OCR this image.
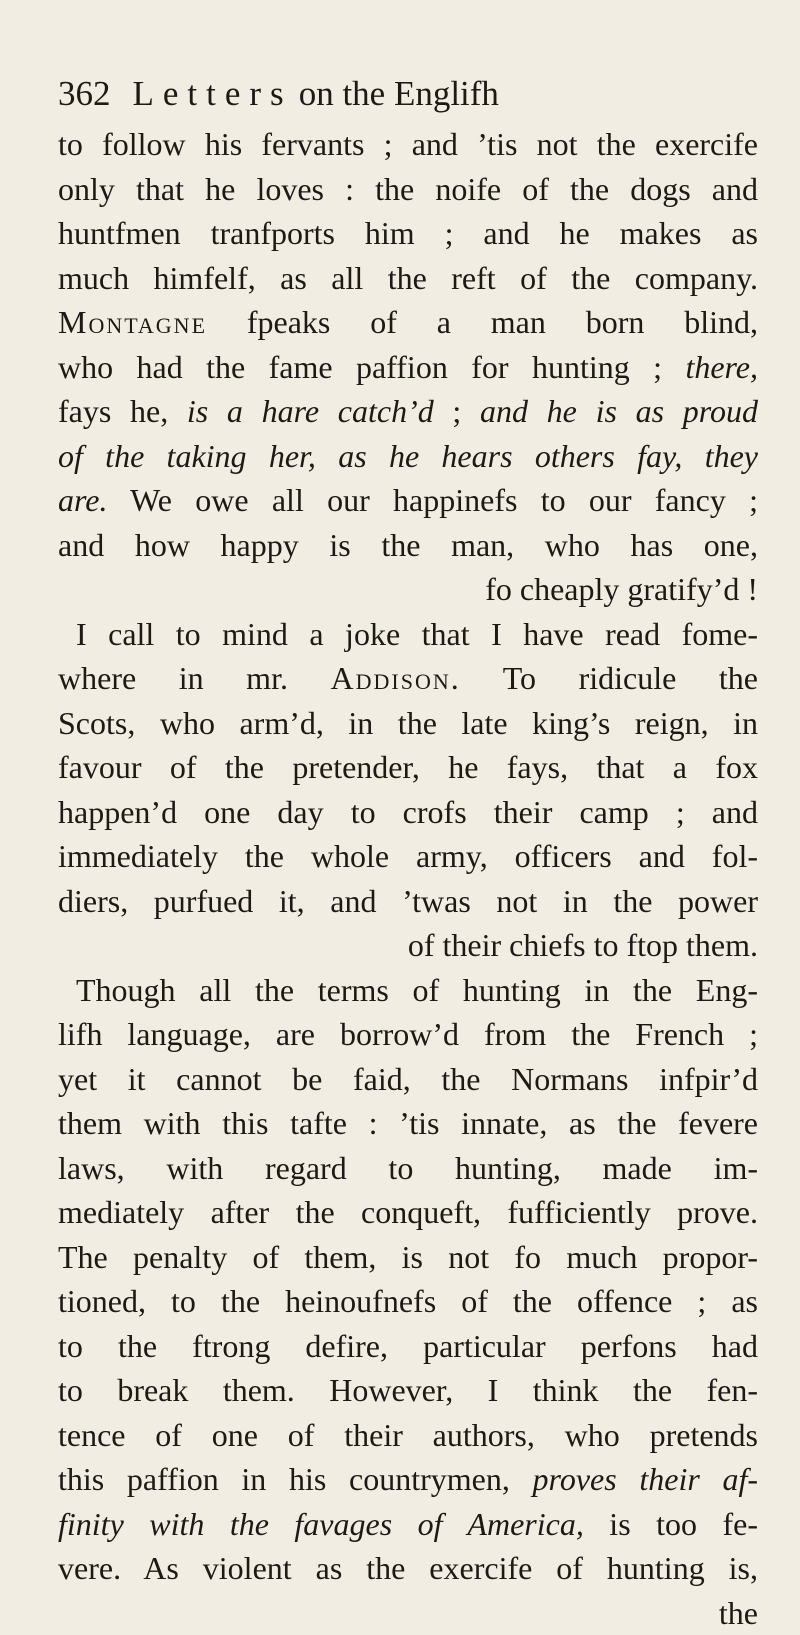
362 Letters on the Englifh
to follow his fervants ; and ’tis not the exercife
only that he loves : the noife of the dogs and
huntfmen tranfports him ; and he makes as
much himfelf, as all the reft of the company.
Montagne fpeaks of a man born blind,
who had the fame paffion for hunting ; there,
fays he, is a hare catch’d ; and he is as proud
of the taking her, as he hears others fay, they
are. We owe all our happinefs to our fancy ;
and how happy is the man, who has one,
fo cheaply gratify’d !
I call to mind a joke that I have read fome-
where in mr. Addison. To ridicule the
Scots, who arm’d, in the late king’s reign, in
favour of the pretender, he fays, that a fox
happen’d one day to crofs their camp ; and
immediately the whole army, officers and fol-
diers, purfued it, and ’twas not in the power
of their chiefs to ftop them.
Though all the terms of hunting in the Eng-
lifh language, are borrow’d from the French ;
yet it cannot be faid, the Normans infpir’d
them with this tafte : ’tis innate, as the fevere
laws, with regard to hunting, made im-
mediately after the conqueft, fufficiently prove.
The penalty of them, is not fo much propor-
tioned, to the heinoufnefs of the offence ; as
to the ftrong defire, particular perfons had
to break them. However, I think the fen-
tence of one of their authors, who pretends
this paffion in his countrymen, proves their af-
finity with the favages of America, is too fe-
vere. As violent as the exercife of hunting is,
the
